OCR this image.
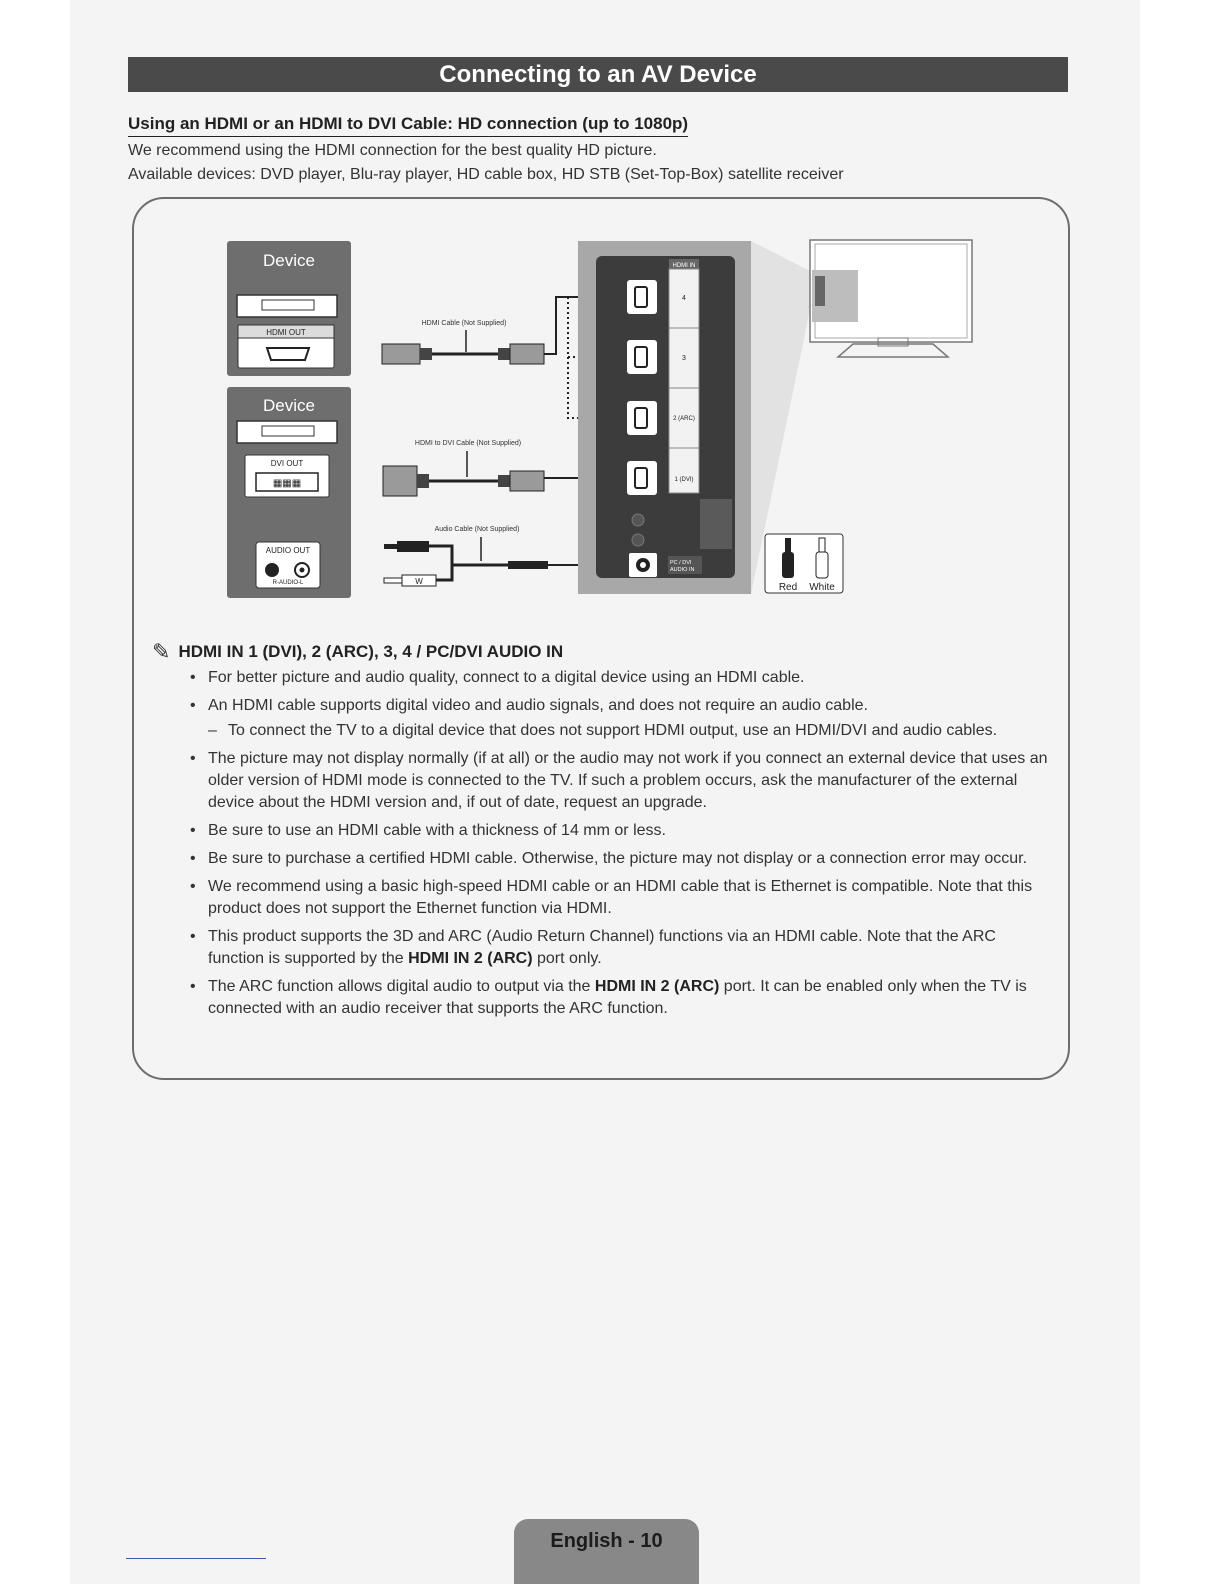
Connecting to an AV Device
Using an HDMI or an HDMI to DVI Cable: HD connection (up to 1080p)
We recommend using the HDMI connection for the best quality HD picture.
Available devices: DVD player, Blu-ray player, HD cable box, HD STB (Set-Top-Box) satellite receiver
Device
HDMI OUT
Device
DVI OUT
▦▦▦
AUDIO OUT
R-AUDIO-L
HDMI Cable (Not Supplied)
HDMI to DVI Cable (Not Supplied)
Audio Cable (Not Supplied)
W
HDMI IN
4
3
2 (ARC)
1 (DVI)
PC / DVI
AUDIO IN
Red White
✎ HDMI IN 1 (DVI), 2 (ARC), 3, 4 / PC/DVI AUDIO IN
• For better picture and audio quality, connect to a digital device using an HDMI cable.
• An HDMI cable supports digital video and audio signals, and does not require an audio cable.
– To connect the TV to a digital device that does not support HDMI output, use an HDMI/DVI and audio cables.
• The picture may not display normally (if at all) or the audio may not work if you connect an external device that uses an older version of HDMI mode is connected to the TV. If such a problem occurs, ask the manufacturer of the external device about the HDMI version and, if out of date, request an upgrade.
• Be sure to use an HDMI cable with a thickness of 14 mm or less.
• Be sure to purchase a certified HDMI cable. Otherwise, the picture may not display or a connection error may occur.
• We recommend using a basic high-speed HDMI cable or an HDMI cable that is Ethernet is compatible. Note that this product does not support the Ethernet function via HDMI.
• This product supports the 3D and ARC (Audio Return Channel) functions via an HDMI cable. Note that the ARC function is supported by the HDMI IN 2 (ARC) port only.
• The ARC function allows digital audio to output via the HDMI IN 2 (ARC) port. It can be enabled only when the TV is connected with an audio receiver that supports the ARC function.
English - 10
